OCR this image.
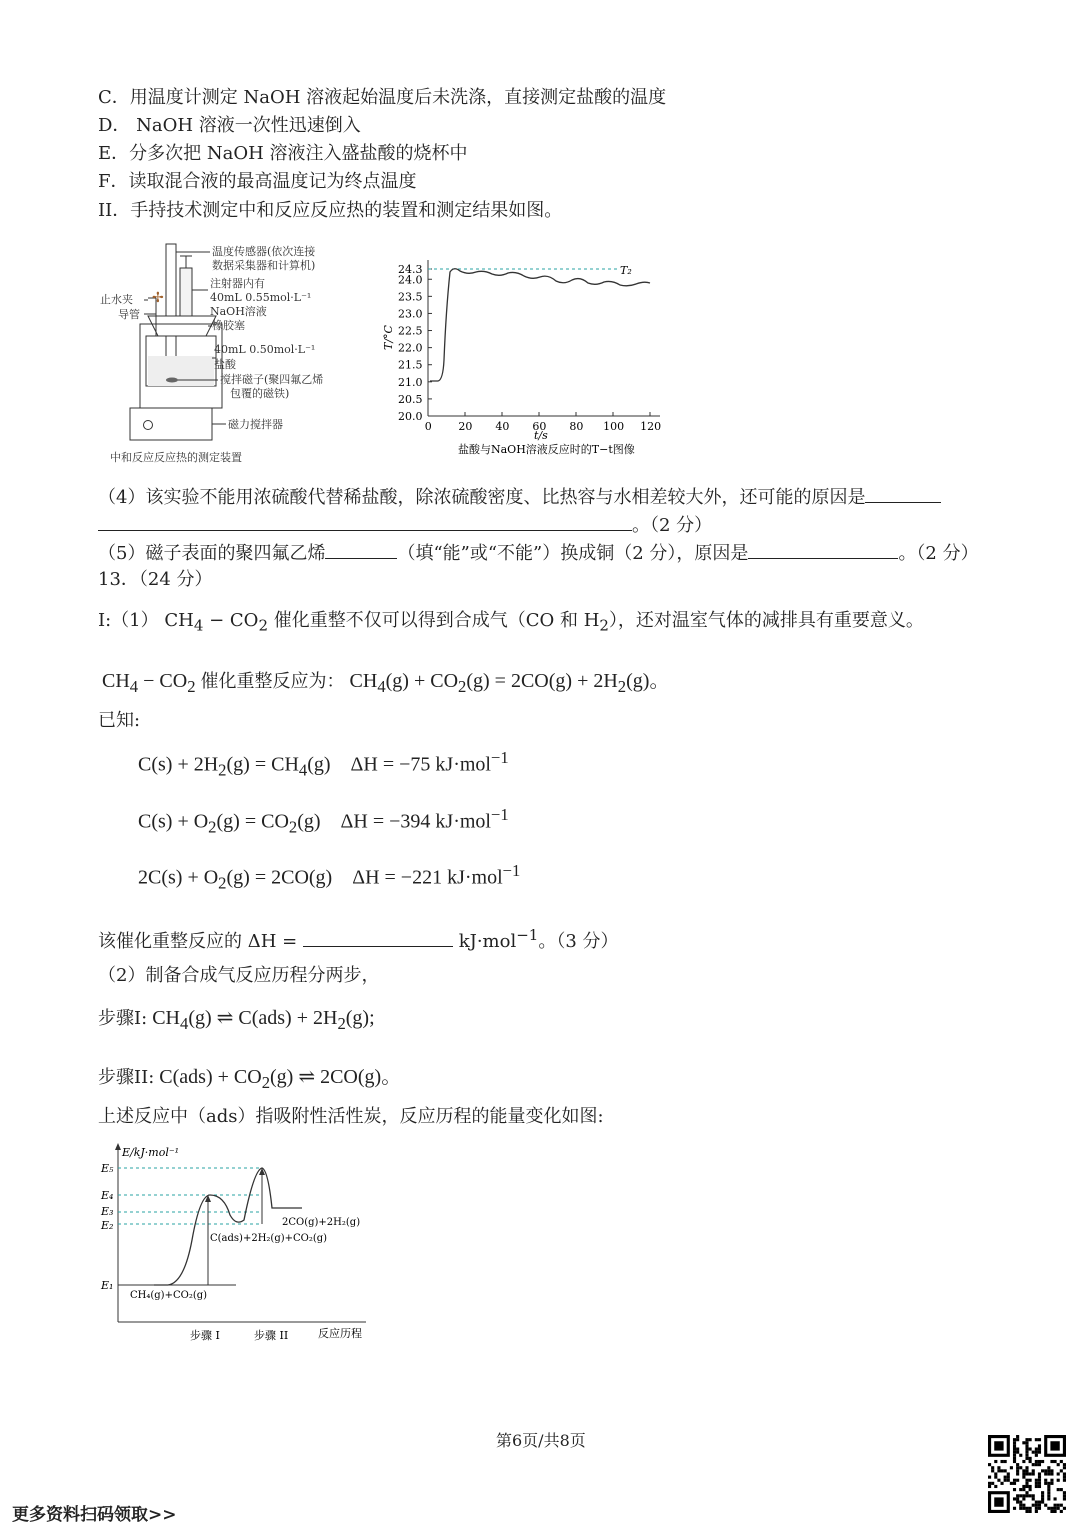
C．用温度计测定 NaOH 溶液起始温度后未洗涤，直接测定盐酸的温度
D． NaOH 溶液一次性迅速倒入
E．分多次把 NaOH 溶液注入盛盐酸的烧杯中
F．读取混合液的最高温度记为终点温度
II．手持技术测定中和反应反应热的装置和测定结果如图。
✢
温度传感器(依次连接
数据采集器和计算机)
注射器内有
40mL 0.55mol·L⁻¹
NaOH溶液
橡胶塞
止水夹
导管
40mL 0.50mol·L⁻¹
盐酸
搅拌磁子(聚四氟乙烯
包覆的磁铁)
磁力搅拌器
中和反应反应热的测定装置
24.3
24.0
23.5
23.0
22.5
22.0
21.5
21.0
20.5
20.0
0 20 40 60 80 100 120
T₂
T/°C
t/s
盐酸与NaOH溶液反应时的T−t图像
（4）该实验不能用浓硫酸代替稀盐酸，除浓硫酸密度、比热容与水相差较大外，还可能的原因是
。（2 分）
（5）磁子表面的聚四氟乙烯	（填“能”或“不能”）换成铜（2 分），原因是	。（2 分）
13．（24 分）
I:（1） $CH_4 - CO_2$ 催化重整不仅可以得到合成气（CO 和 $H_2$），还对温室气体的减排具有重要意义。
$CH_4 - CO_2$ 催化重整反应为： $CH_4(g) + CO_2(g) = 2CO(g) + 2H_2(g)$。
已知:
$C(s) + 2H_2(g) = CH_4(g)$    ΔH = −75 kJ·mol$^{-1}$
$C(s) + O_2(g) = CO_2(g)$    ΔH = −394 kJ·mol$^{-1}$
$2C(s) + O_2(g) = 2CO(g)$    ΔH = −221 kJ·mol$^{-1}$
该催化重整反应的 ΔH =	kJ·mol$^{-1}$。（3 分）
（2）制备合成气反应历程分两步，
步骤I: $CH_4(g)$ ⇌ $C(ads) + 2H_2(g)$;
步骤II: $C(ads) + CO_2(g)$ ⇌ 2CO(g)。
上述反应中（ads）指吸附性活性炭，反应历程的能量变化如图:
E/kJ·mol⁻¹
E₅
E₄
E₃
E₂
E₁
CH₄(g)+CO₂(g)
C(ads)+2H₂(g)+CO₂(g)
2CO(g)+2H₂(g)
步骤 I	步骤 II	反应历程
第6页/共8页
更多资料扫码领取>>
